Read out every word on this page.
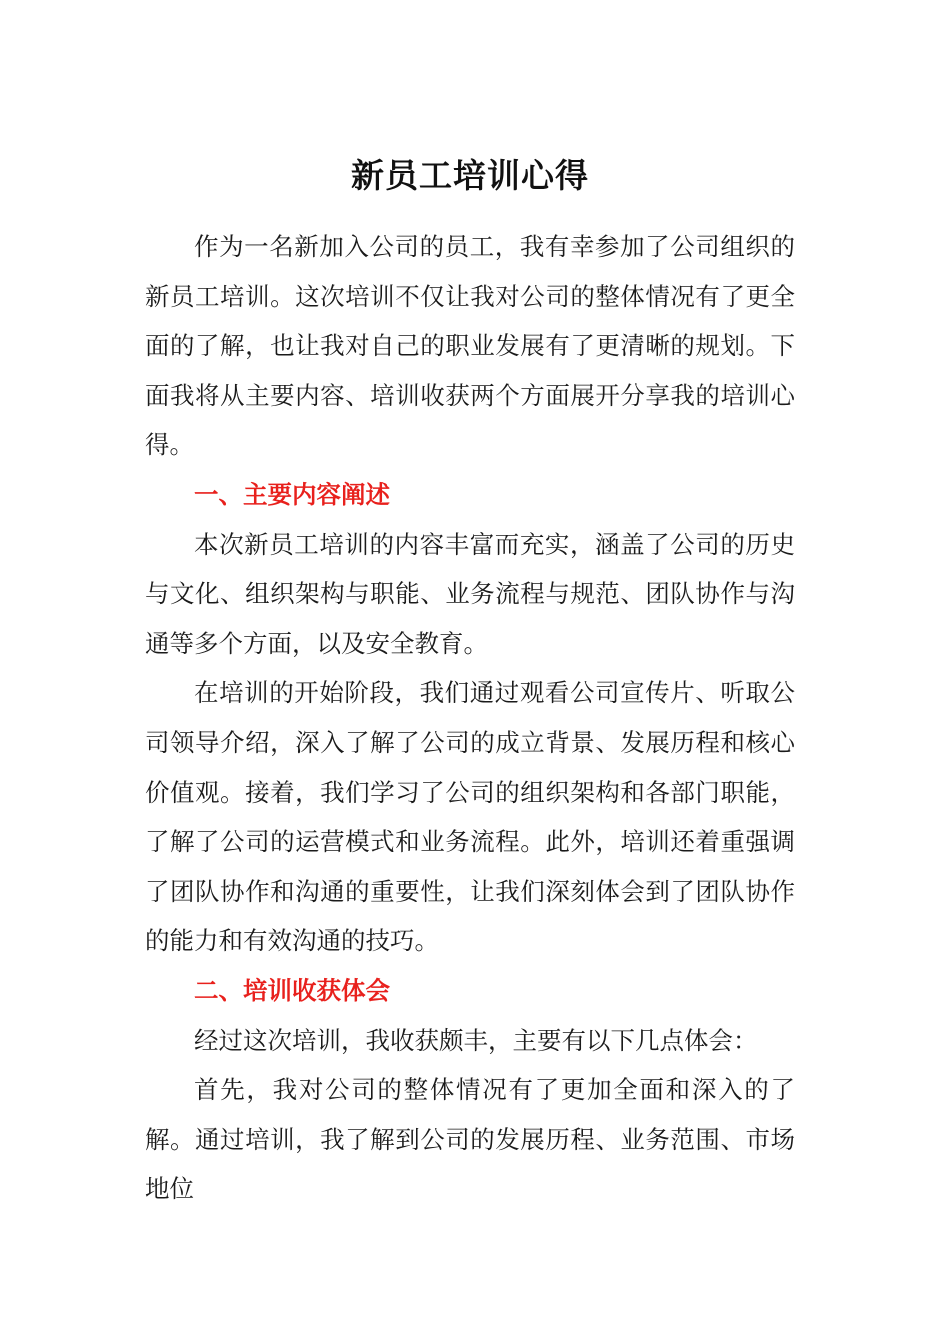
新员工培训心得

作为一名新加入公司的员工，我有幸参加了公司组织的新员工培训。这次培训不仅让我对公司的整体情况有了更全面的了解，也让我对自己的职业发展有了更清晰的规划。下面我将从主要内容、培训收获两个方面展开分享我的培训心得。

一、主要内容阐述

本次新员工培训的内容丰富而充实，涵盖了公司的历史与文化、组织架构与职能、业务流程与规范、团队协作与沟通等多个方面，以及安全教育。

在培训的开始阶段，我们通过观看公司宣传片、听取公司领导介绍，深入了解了公司的成立背景、发展历程和核心价值观。接着，我们学习了公司的组织架构和各部门职能，了解了公司的运营模式和业务流程。此外，培训还着重强调了团队协作和沟通的重要性，让我们深刻体会到了团队协作的能力和有效沟通的技巧。

二、培训收获体会

经过这次培训，我收获颇丰，主要有以下几点体会：

首先，我对公司的整体情况有了更加全面和深入的了解。通过培训，我了解到公司的发展历程、业务范围、市场地位
